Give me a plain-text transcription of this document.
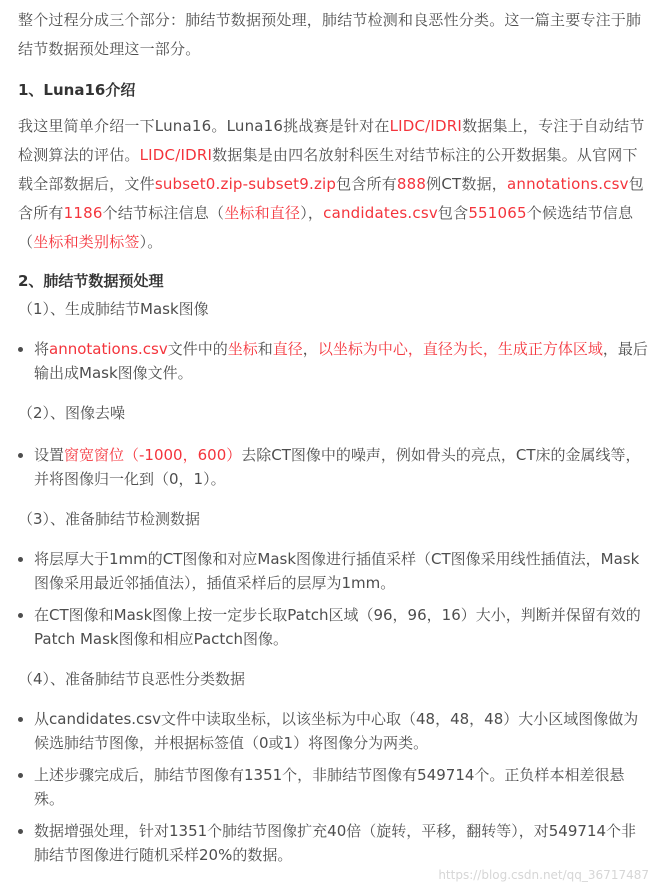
整个过程分成三个部分：肺结节数据预处理，肺结节检测和良恶性分类。这一篇主要专注于肺结节数据预处理这一部分。

1、Luna16介绍

我这里简单介绍一下Luna16。Luna16挑战赛是针对在LIDC/IDRI数据集上，专注于自动结节检测算法的评估。LIDC/IDRI数据集是由四名放射科医生对结节标注的公开数据集。从官网下载全部数据后，文件subset0.zip-subset9.zip包含所有888例CT数据，annotations.csv包含所有1186个结节标注信息（坐标和直径），candidates.csv包含551065个候选结节信息（坐标和类别标签）。

2、肺结节数据预处理

（1）、生成肺结节Mask图像

将annotations.csv文件中的坐标和直径，以坐标为中心，直径为长，生成正方体区域，最后输出成Mask图像文件。

（2）、图像去噪

设置窗宽窗位（-1000，600）去除CT图像中的噪声，例如骨头的亮点，CT床的金属线等，并将图像归一化到（0，1）。

（3）、准备肺结节检测数据

将层厚大于1mm的CT图像和对应Mask图像进行插值采样（CT图像采用线性插值法，Mask图像采用最近邻插值法），插值采样后的层厚为1mm。
在CT图像和Mask图像上按一定步长取Patch区域（96，96，16）大小，判断并保留有效的Patch Mask图像和相应Pactch图像。

（4）、准备肺结节良恶性分类数据

从candidates.csv文件中读取坐标，以该坐标为中心取（48，48，48）大小区域图像做为候选肺结节图像，并根据标签值（0或1）将图像分为两类。
上述步骤完成后，肺结节图像有1351个，非肺结节图像有549714个。正负样本相差很悬殊。
数据增强处理，针对1351个肺结节图像扩充40倍（旋转，平移，翻转等），对549714个非肺结节图像进行随机采样20%的数据。
https://blog.csdn.net/qq_36717487
